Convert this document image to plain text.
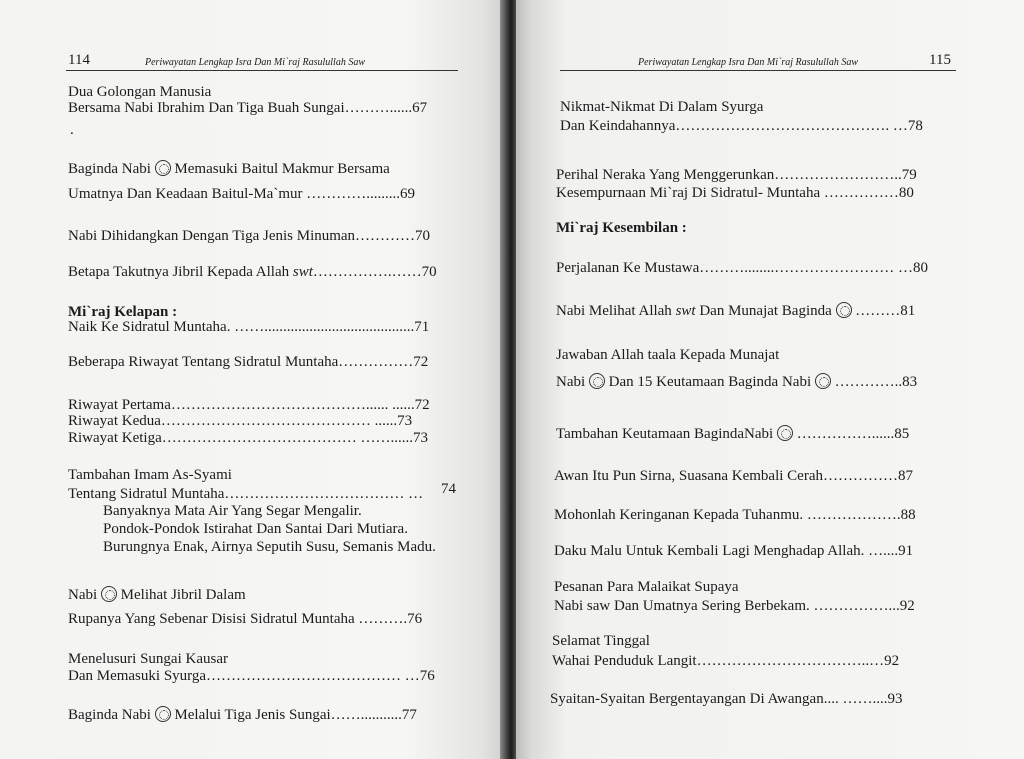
114	Periwayatan Lengkap Isra Dan Mi`raj Rasulullah Saw
Dua Golongan Manusia
Bersama Nabi Ibrahim Dan Tiga Buah Sungai………......67
.
Baginda Nabi Memasuki Baitul Makmur Bersama
Umatnya Dan Keadaan Baitul-Ma`mur ………….........69
Nabi Dihidangkan Dengan Tiga Jenis Minuman…………70
Betapa Takutnya Jibril Kepada Allah swt…………….……70
Mi`raj Kelapan :
Naik Ke Sidratul Muntaha. ……........................................71
Beberapa Riwayat Tentang Sidratul Muntaha……………72
Riwayat Pertama…………………………………...... ......72
Riwayat Kedua…………………………………… ......73
Riwayat Ketiga………………………………… ……......73
Tambahan Imam As-Syami
Tentang Sidratul Muntaha……………………………… … 74
Banyaknya Mata Air Yang Segar Mengalir.
Pondok-Pondok Istirahat Dan Santai Dari Mutiara.
Burungnya Enak, Airnya Seputih Susu, Semanis Madu.
Nabi Melihat Jibril Dalam
Rupanya Yang Sebenar Disisi Sidratul Muntaha ……….76
Menelusuri Sungai Kausar
Dan Memasuki Syurga………………………………… …76
Baginda Nabi Melalui Tiga Jenis Sungai……...........77
Periwayatan Lengkap Isra Dan Mi`raj Rasulullah Saw	115
Nikmat-Nikmat Di Dalam Syurga
Dan Keindahannya……………………………………. …78
Perihal Neraka Yang Menggerunkan……………………..79
Kesempurnaan Mi`raj Di Sidratul- Muntaha ……………80
Mi`raj Kesembilan :
Perjalanan Ke Mustawa………........…………………… …80
Nabi Melihat Allah swt Dan Munajat Baginda ………81
Jawaban Allah taala Kepada Munajat
Nabi Dan 15 Keutamaan Baginda Nabi …………..83
Tambahan Keutamaan BagindaNabi ……………......85
Awan Itu Pun Sirna, Suasana Kembali Cerah……………87
Mohonlah Keringanan Kepada Tuhanmu. ……………….88
Daku Malu Untuk Kembali Lagi Menghadap Allah. …....91
Pesanan Para Malaikat Supaya
Nabi saw Dan Umatnya Sering Berbekam. ……………...92
Selamat Tinggal
Wahai Penduduk Langit……………………………..…92
Syaitan-Syaitan Bergentayangan Di Awangan.... ……....93
